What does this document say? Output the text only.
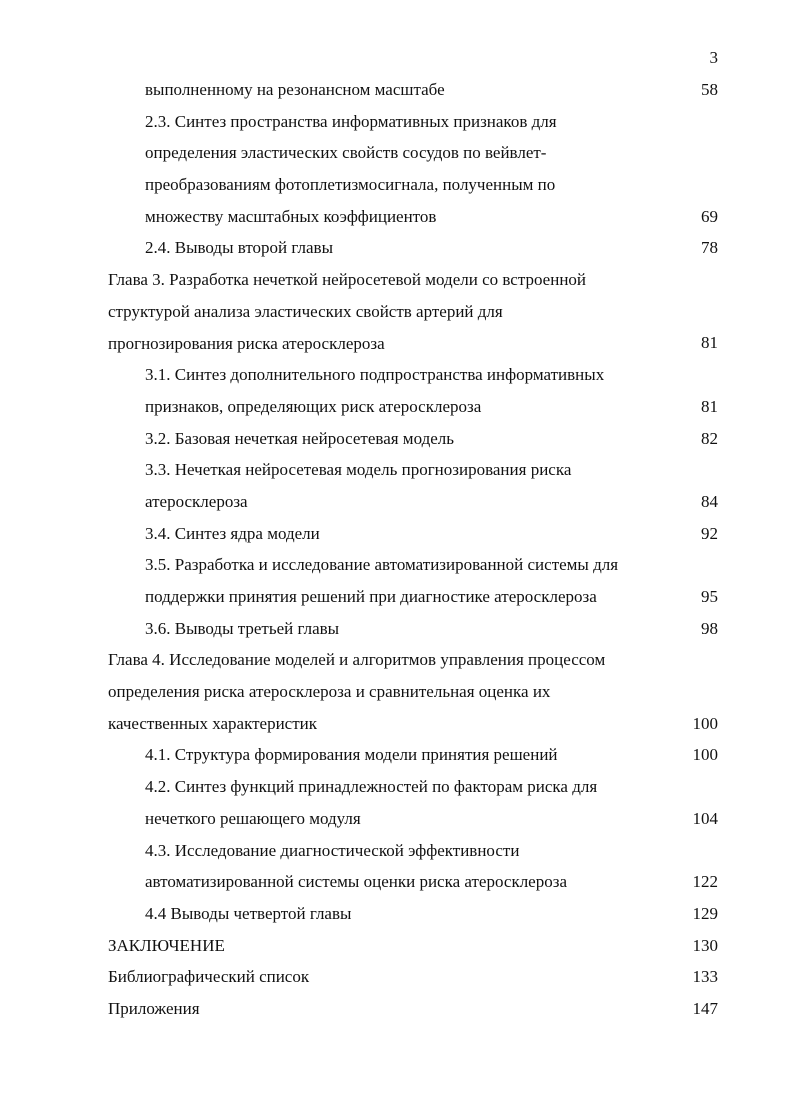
3
выполненному на резонансном масштабе	58
2.3. Синтез пространства информативных признаков для
определения эластических свойств сосудов по вейвлет-
преобразованиям фотоплетизмосигнала, полученным по
множеству масштабных коэффициентов	69
2.4. Выводы второй главы	78
Глава 3. Разработка нечеткой нейросетевой модели со встроенной
структурой анализа эластических свойств артерий для
прогнозирования риска атеросклероза	81
3.1. Синтез дополнительного подпространства информативных
признаков, определяющих риск атеросклероза	81
3.2. Базовая нечеткая нейросетевая модель	82
3.3. Нечеткая нейросетевая модель прогнозирования риска
атеросклероза	84
3.4. Синтез ядра модели	92
3.5. Разработка и исследование автоматизированной системы для
поддержки принятия решений при диагностике атеросклероза	95
3.6. Выводы третьей главы	98
Глава 4. Исследование моделей и алгоритмов управления процессом
определения риска атеросклероза и сравнительная оценка их
качественных характеристик	100
4.1. Структура формирования модели принятия решений	100
4.2. Синтез функций принадлежностей по факторам риска для
нечеткого решающего модуля	104
4.3. Исследование диагностической эффективности
автоматизированной системы оценки риска атеросклероза	122
4.4 Выводы четвертой главы	129
ЗАКЛЮЧЕНИЕ	130
Библиографический список	133
Приложения	147
